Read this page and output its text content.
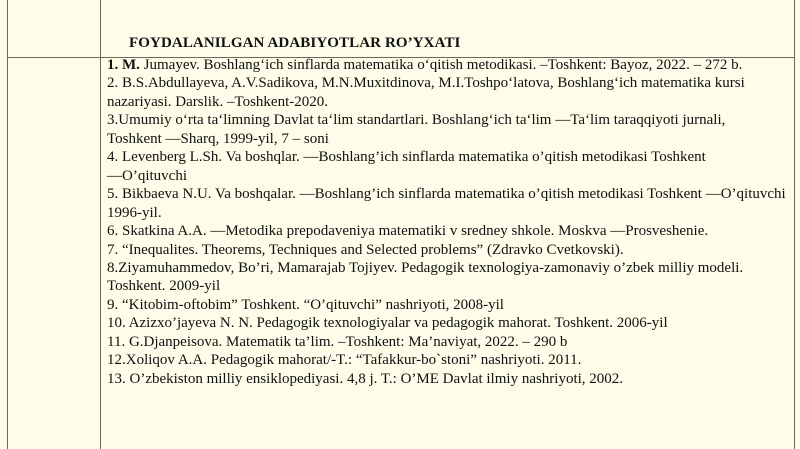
FOYDALANILGAN ADABIYOTLAR RO’YXATI
1. M. Jumayev. Boshlang‘ich sinflarda matematika o‘qitish metodikasi. –Toshkent: Bayoz, 2022. – 272 b.
2. B.S.Abdullayeva, A.V.Sadikova, M.N.Muxitdinova, M.I.Toshpo‘latova, Boshlang‘ich matematika kursi nazariyasi. Darslik. –Toshkent-2020.
3.Umumiy o‘rta ta‘limning Davlat ta‘lim standartlari. Boshlang‘ich ta‘lim ―Ta‘lim taraqqiyoti jurnali,       Toshkent ―Sharq, 1999-yil, 7 – soni
4. Levenberg L.Sh. Va boshqlar. ―Boshlang’ich sinflarda matematika o’qitish metodikasi Toshkent ―O’qituvchi
5. Bikbaeva N.U. Va boshqalar. ―Boshlang’ich sinflarda matematika o’qitish metodikasi Toshkent ―O’qituvchi 1996-yil.
6. Skatkina A.A. ―Metodika prepodaveniya matematiki v sredney shkole. Moskva ―Prosveshenie.
7. “Inequalites. Theorems, Techniques and Selected problems” (Zdravko Cvetkovski).
8.Ziyamuhammedov, Bo’ri, Mamarajab Tojiyev. Pedagogik texnologiya-zamonaviy o’zbek milliy modeli. Toshkent. 2009-yil
9. “Kitobim-oftobim” Toshkent. “O’qituvchi” nashriyoti, 2008-yil
10. Azizxo’jayeva N. N. Pedagogik texnologiyalar va pedagogik mahorat. Toshkent. 2006-yil
11. G.Djanpeisova. Matematik ta’lim. –Toshkent: Ma’naviyat, 2022. – 290 b
12.Xoliqov A.A. Pedagogik mahorat/-T.: “Tafakkur-bo`stoni” nashriyoti. 2011.
13. O’zbekiston milliy ensiklopediyasi. 4,8 j. T.: O’ME Davlat ilmiy nashriyoti, 2002.
